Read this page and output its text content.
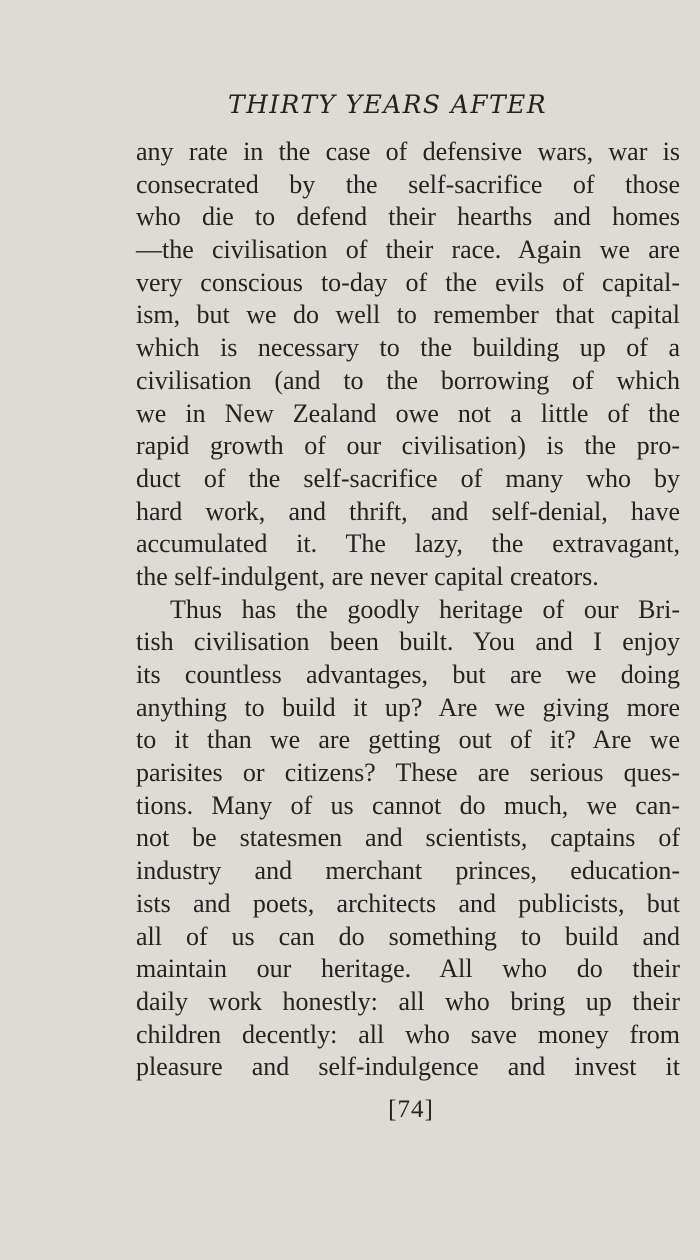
THIRTY YEARS AFTER
any rate in the case of defensive wars, war is
consecrated by the self-sacrifice of those
who die to defend their hearths and homes
—the civilisation of their race. Again we are
very conscious to-day of the evils of capital-
ism, but we do well to remember that capital
which is necessary to the building up of a
civilisation (and to the borrowing of which
we in New Zealand owe not a little of the
rapid growth of our civilisation) is the pro-
duct of the self-sacrifice of many who by
hard work, and thrift, and self-denial, have
accumulated it. The lazy, the extravagant,
the self-indulgent, are never capital creators.
Thus has the goodly heritage of our Bri-
tish civilisation been built. You and I enjoy
its countless advantages, but are we doing
anything to build it up? Are we giving more
to it than we are getting out of it? Are we
parisites or citizens? These are serious ques-
tions. Many of us cannot do much, we can-
not be statesmen and scientists, captains of
industry and merchant princes, education-
ists and poets, architects and publicists, but
all of us can do something to build and
maintain our heritage. All who do their
daily work honestly: all who bring up their
children decently: all who save money from
pleasure and self-indulgence and invest it
[74]
